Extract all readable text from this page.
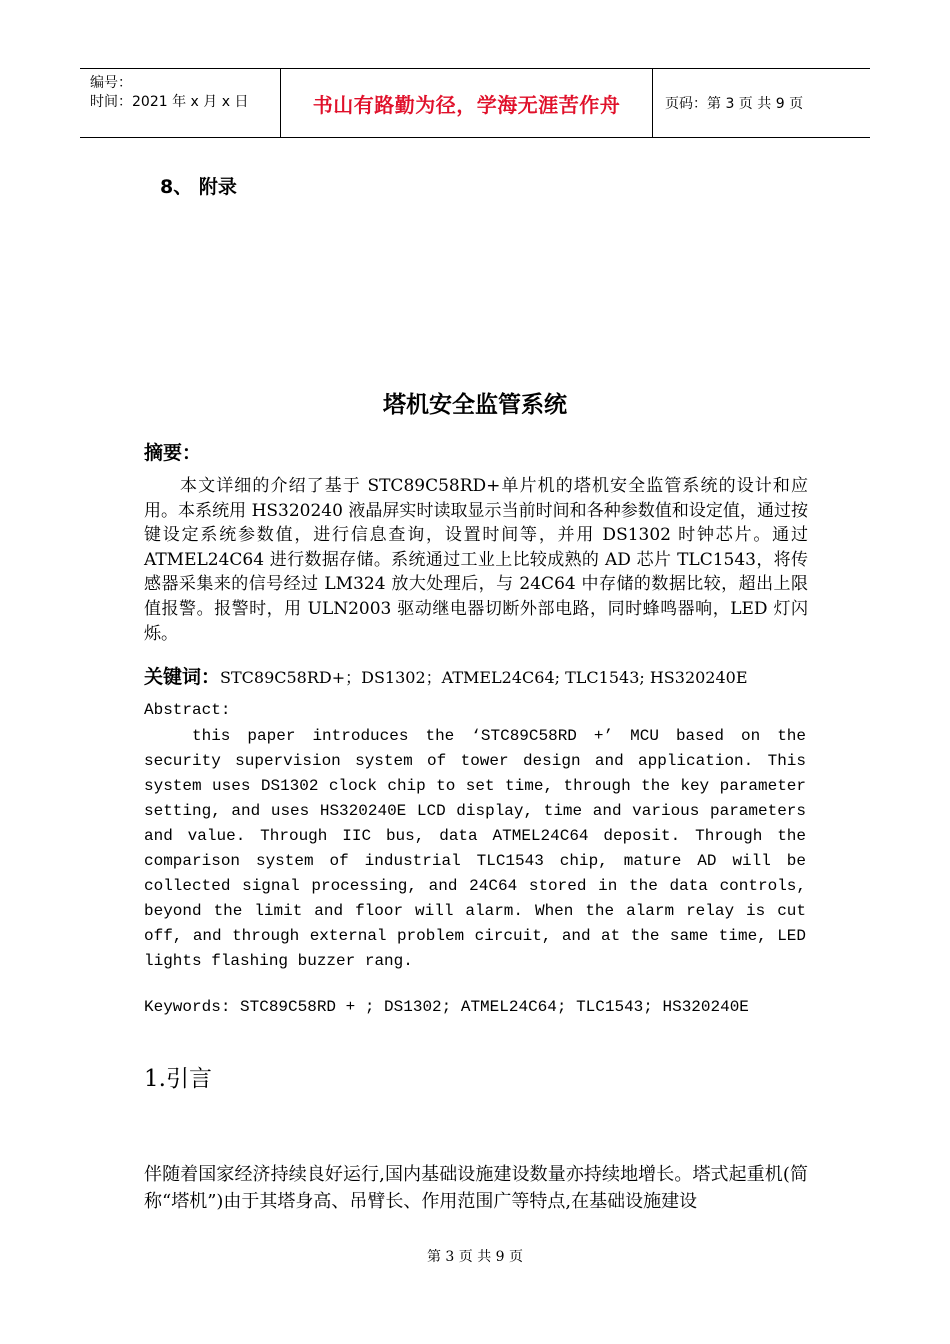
编号：
时间：2021 年 x 月 x 日	书山有路勤为径，学海无涯苦作舟	页码：第 3 页 共 9 页
8、 附录
塔机安全监管系统
摘要：
本文详细的介绍了基于 STC89C58RD+单片机的塔机安全监管系统的设计和应用。本系统用 HS320240 液晶屏实时读取显示当前时间和各种参数值和设定值，通过按键设定系统参数值，进行信息查询，设置时间等，并用 DS1302 时钟芯片。通过 ATMEL24C64 进行数据存储。系统通过工业上比较成熟的 AD 芯片 TLC1543，将传感器采集来的信号经过 LM324 放大处理后，与 24C64 中存储的数据比较，超出上限值报警。报警时，用 ULN2003 驱动继电器切断外部电路，同时蜂鸣器响，LED 灯闪烁。
关键词：STC89C58RD+；DS1302；ATMEL24C64; TLC1543; HS320240E
Abstract:
this paper introduces the ‘STC89C58RD +’ MCU based on the security supervision system of tower design and application. This system uses DS1302 clock chip to set time, through the key parameter setting, and uses HS320240E LCD display, time and various parameters and value. Through IIC bus, data ATMEL24C64 deposit. Through the comparison system of industrial TLC1543 chip, mature AD will be collected signal processing, and 24C64 stored in the data controls, beyond the limit and floor will alarm. When the alarm relay is cut off, and through external problem circuit, and at the same time, LED lights flashing buzzer rang.
Keywords: STC89C58RD + ; DS1302; ATMEL24C64; TLC1543; HS320240E
1.引言
伴随着国家经济持续良好运行,国内基础设施建设数量亦持续地增长。塔式起重机(简称“塔机”)由于其塔身高、吊臂长、作用范围广等特点,在基础设施建设
第 3 页 共 9 页
